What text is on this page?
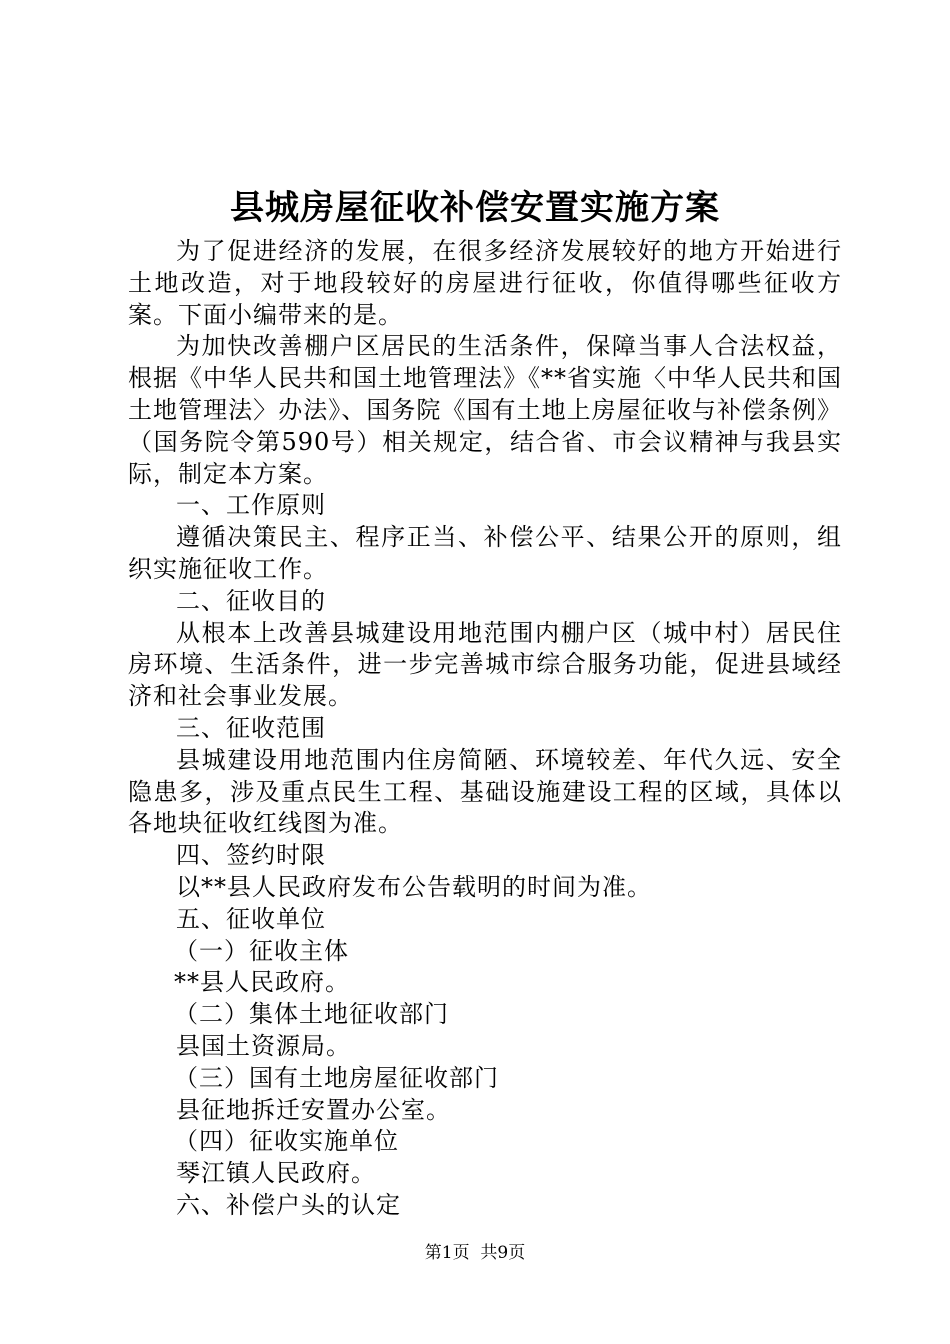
县城房屋征收补偿安置实施方案

为了促进经济的发展，在很多经济发展较好的地方开始进行土地改造，对于地段较好的房屋进行征收，你值得哪些征收方案。下面小编带来的是。

为加快改善棚户区居民的生活条件，保障当事人合法权益，根据《中华人民共和国土地管理法》《**省实施〈中华人民共和国土地管理法〉办法》、国务院《国有土地上房屋征收与补偿条例》（国务院令第590号）相关规定，结合省、市会议精神与我县实际，制定本方案。

一、工作原则

遵循决策民主、程序正当、补偿公平、结果公开的原则，组织实施征收工作。

二、征收目的

从根本上改善县城建设用地范围内棚户区（城中村）居民住房环境、生活条件，进一步完善城市综合服务功能，促进县域经济和社会事业发展。

三、征收范围

县城建设用地范围内住房简陋、环境较差、年代久远、安全隐患多，涉及重点民生工程、基础设施建设工程的区域，具体以各地块征收红线图为准。

四、签约时限

以**县人民政府发布公告载明的时间为准。

五、征收单位

（一）征收主体

**县人民政府。

（二）集体土地征收部门

县国土资源局。

（三）国有土地房屋征收部门

县征地拆迁安置办公室。

（四）征收实施单位

琴江镇人民政府。

六、补偿户头的认定

第1页 共9页
